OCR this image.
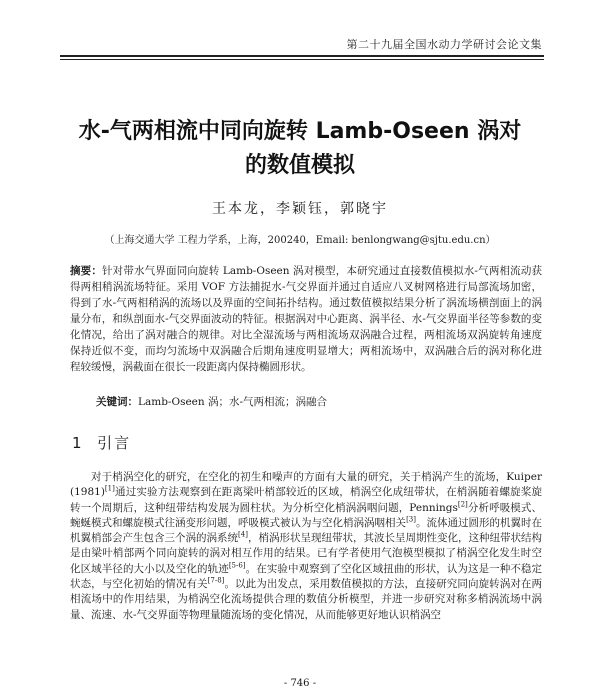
第二十九届全国水动力学研讨会论文集
水-气两相流中同向旋转 Lamb-Oseen 涡对
的数值模拟
王本龙，李颖钰，郭晓宇
（上海交通大学 工程力学系，上海，200240，Email: benlongwang@sjtu.edu.cn）
摘要：针对带水气界面同向旋转 Lamb-Oseen 涡对模型，本研究通过直接数值模拟水-气两相流动获得两相稍涡流场特征。采用 VOF 方法捕捉水-气交界面并通过自适应八叉树网格进行局部流场加密，得到了水-气两相稍涡的流场以及界面的空间拓扑结构。通过数值模拟结果分析了涡流场横剖面上的涡量分布，和纵剖面水-气交界面波动的特征。根据涡对中心距离、涡半径、水-气交界面半径等参数的变化情况，给出了涡对融合的规律。对比全湿流场与两相流场双涡融合过程，两相流场双涡旋转角速度保持近似不变，而均匀流场中双涡融合后期角速度明显增大；两相流场中，双涡融合后的涡对称化进程较缓慢，涡截面在很长一段距离内保持椭圆形状。
关键词：Lamb-Oseen 涡；水-气两相流；涡融合
1 引言

对于梢涡空化的研究，在空化的初生和噪声的方面有大量的研究，关于梢涡产生的流场，Kuiper (1981)[1]通过实验方法观察到在距离梁叶梢部较近的区域，梢涡空化成纽带状，在梢涡随着螺旋桨旋转一个周期后，这种纽带结构发展为圆柱状。为分析空化梢涡涡咽问题，Pennings[2]分析呼吸模式、蜿蜒模式和螺旋模式往涵变形问题，呼吸模式被认为与空化梢涡涡咽相关[3]。流体通过圆形的机翼时在机翼梢部会产生包含三个涡的涡系统[4]，梢涡形状呈现纽带状，其波长呈周期性变化，这种纽带状结构是由梁叶梢部两个同向旋转的涡对相互作用的结果。已有学者使用气泡模型模拟了梢涡空化发生时空化区域半径的大小以及空化的轨迹[5-6]。在实验中观察到了空化区域扭曲的形状，认为这是一种不稳定状态，与空化初始的情况有关[7-8]。以此为出发点，采用数值模拟的方法，直接研究同向旋转涡对在两相流场中的作用结果，为梢涡空化流场提供合理的数值分析模型，并进一步研究对称多梢涡流场中涡量、流速、水-气交界面等物理量随流场的变化情况，从而能够更好地认识梢涡空

- 746 -
